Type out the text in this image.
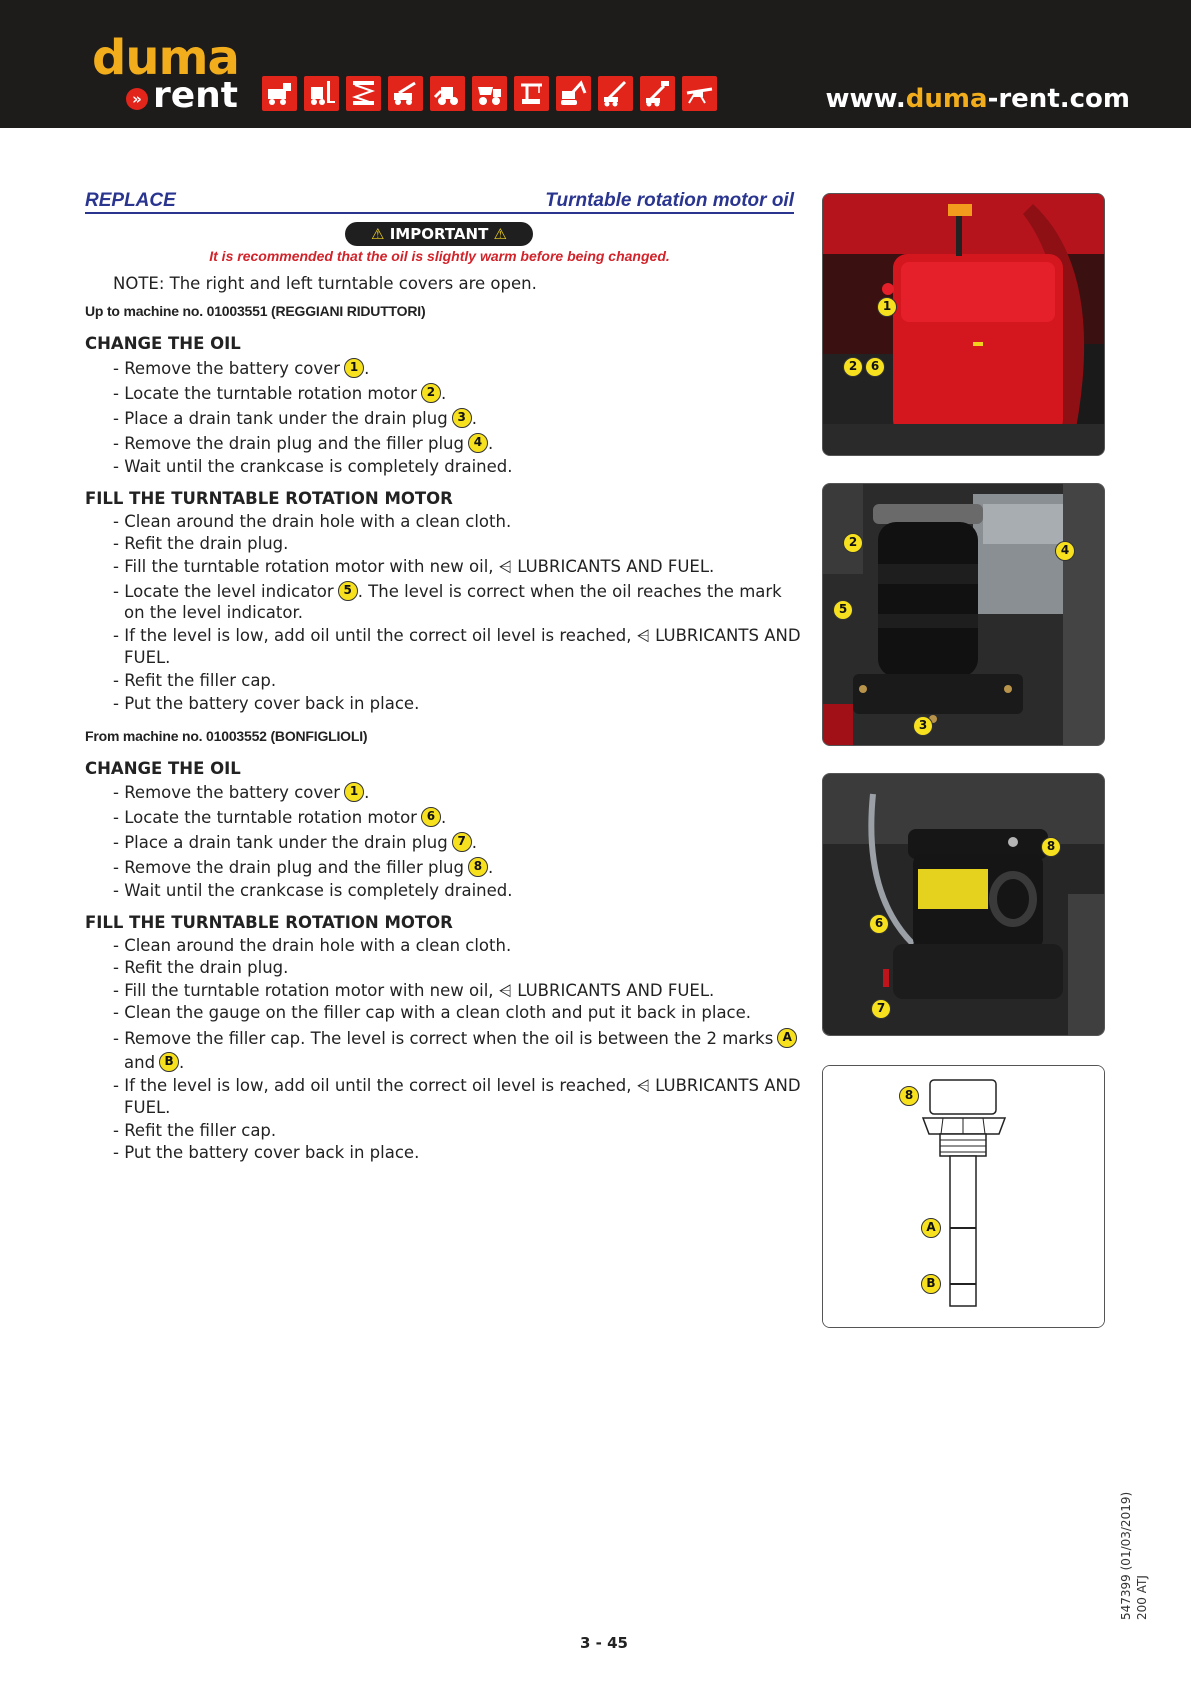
duma
» rent	www.duma-rent.com
REPLACE	Turntable rotation motor oil
⚠ IMPORTANT ⚠
It is recommended that the oil is slightly warm before being changed.
NOTE: The right and left turntable covers are open.
Up to machine no. 01003551 (REGGIANI RIDUTTORI)
CHANGE THE OIL
- Remove the battery cover 1 .
- Locate the turntable rotation motor 2 .
- Place a drain tank under the drain plug 3 .
- Remove the drain plug and the filler plug 4 .
- Wait until the crankcase is completely drained.
FILL THE TURNTABLE ROTATION MOTOR
- Clean around the drain hole with a clean cloth.
- Refit the drain plug.
- Fill the turntable rotation motor with new oil, ⩤ LUBRICANTS AND FUEL.
- Locate the level indicator 5 . The level is correct when the oil reaches the mark
on the level indicator.
- If the level is low, add oil until the correct oil level is reached, ⩤ LUBRICANTS AND
FUEL.
- Refit the filler cap.
- Put the battery cover back in place.
From machine no. 01003552 (BONFIGLIOLI)
CHANGE THE OIL
- Remove the battery cover 1 .
- Locate the turntable rotation motor 6 .
- Place a drain tank under the drain plug 7 .
- Remove the drain plug and the filler plug 8 .
- Wait until the crankcase is completely drained.
FILL THE TURNTABLE ROTATION MOTOR
- Clean around the drain hole with a clean cloth.
- Refit the drain plug.
- Fill the turntable rotation motor with new oil, ⩤ LUBRICANTS AND FUEL.
- Clean the gauge on the filler cap with a clean cloth and put it back in place.
- Remove the filler cap. The level is correct when the oil is between the 2 marks A
and B .
- If the level is low, add oil until the correct oil level is reached, ⩤ LUBRICANTS AND
FUEL.
- Refit the filler cap.
- Put the battery cover back in place.
1
2	6
2
4
5
3
8
6
7
8
A
B
3 - 45
547399 (01/03/2019) 200 ATJ
